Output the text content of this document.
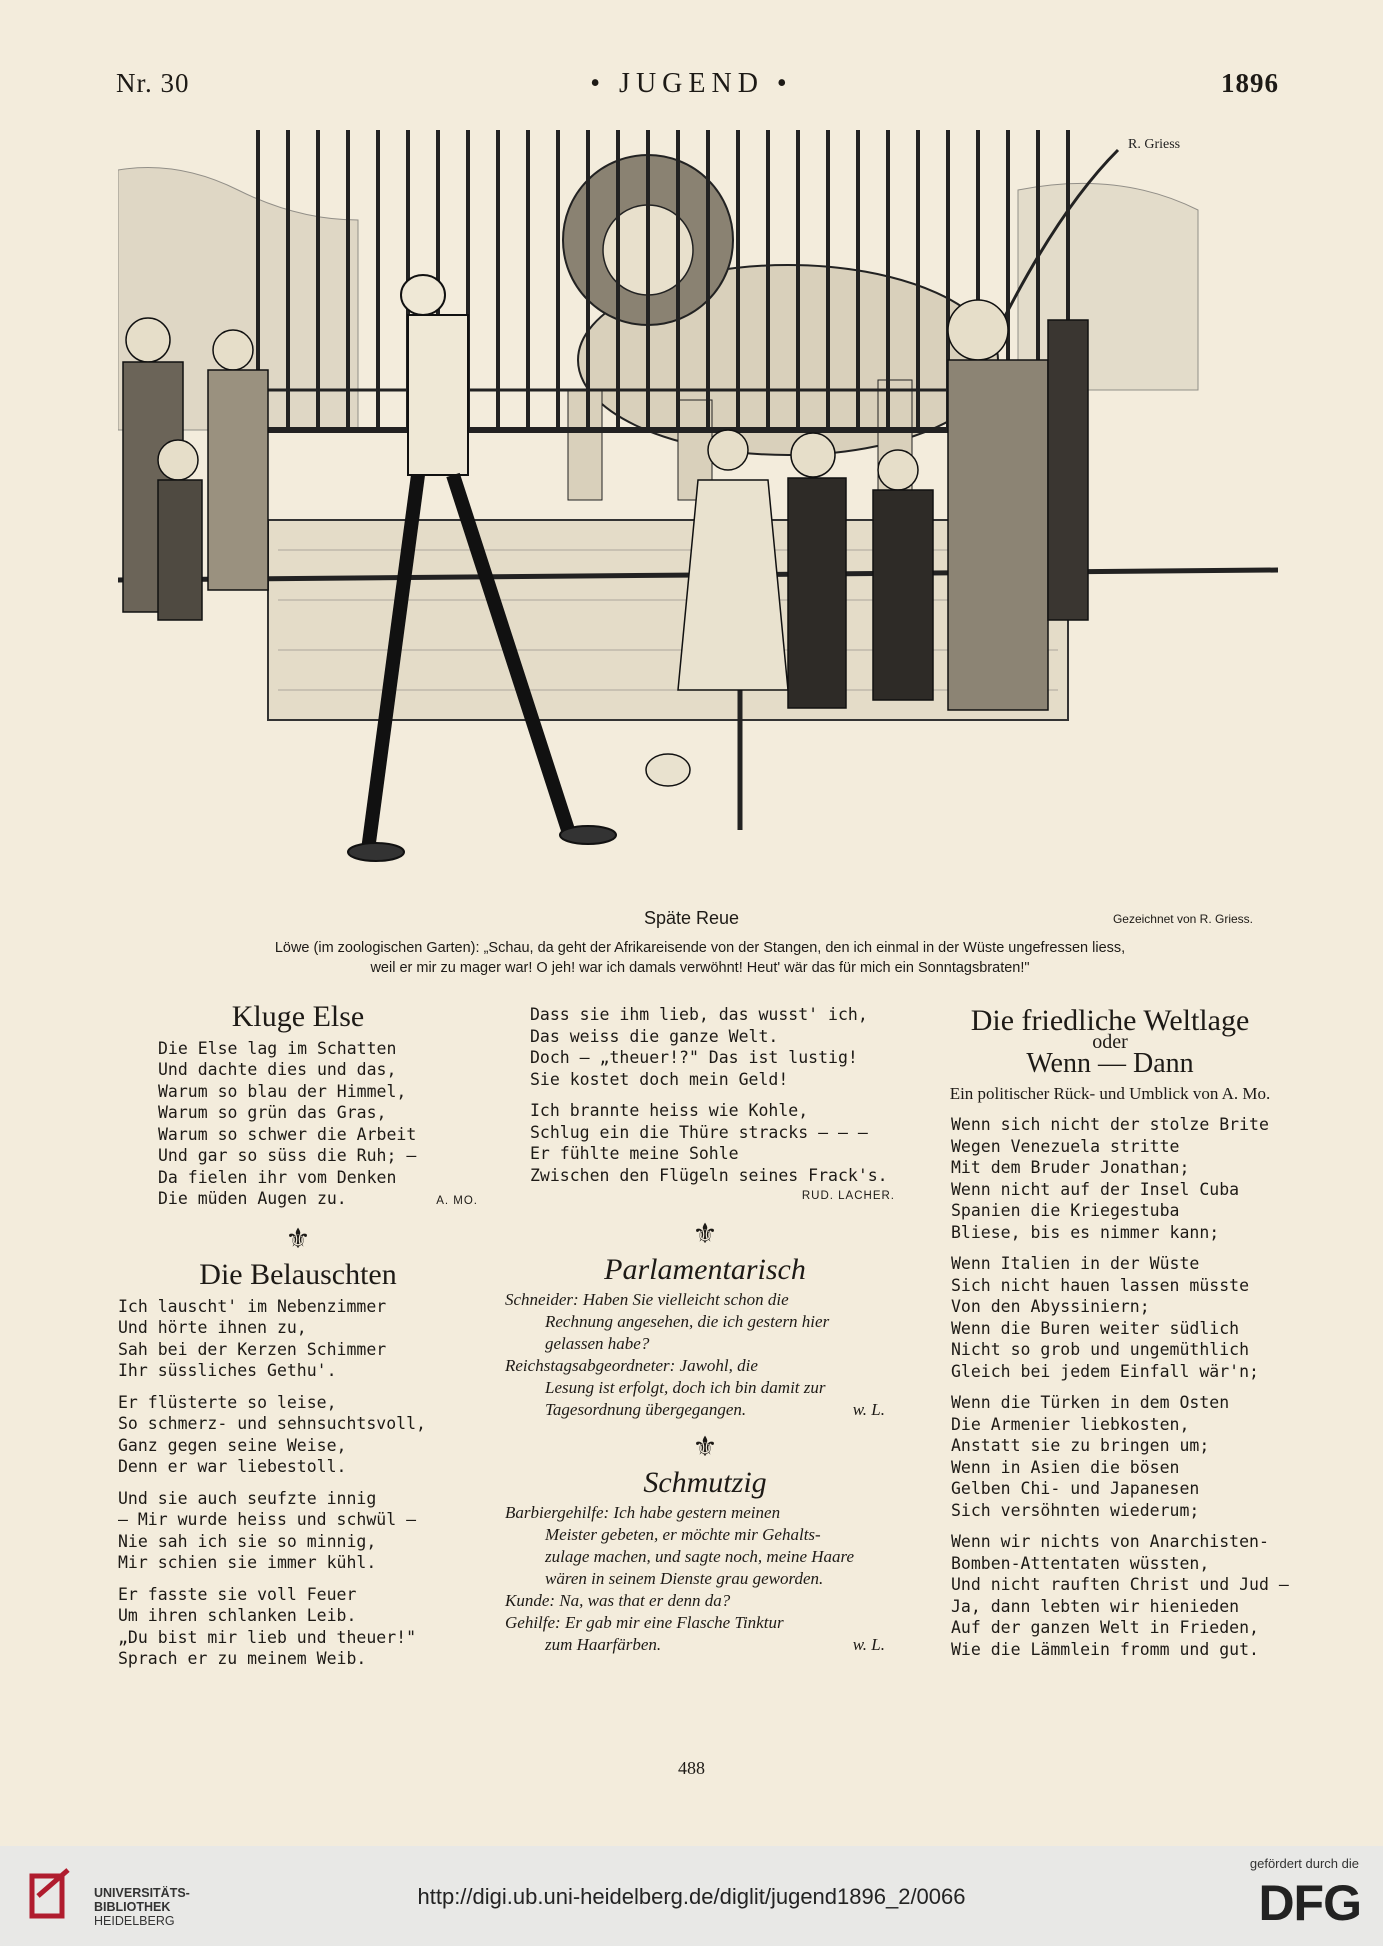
Nr. 30	• JUGEND •	1896
R. Griess
Späte Reue	Gezeichnet von R. Griess.
Löwe (im zoologischen Garten): „Schau, da geht der Afrikareisende von der Stangen, den ich einmal in der Wüste ungefressen liess,
weil er mir zu mager war! O jeh! war ich damals verwöhnt! Heut' wär das für mich ein Sonntagsbraten!"
Kluge Else
Die Else lag im Schatten
Und dachte dies und das,
Warum so blau der Himmel,
Warum so grün das Gras,
Warum so schwer die Arbeit
Und gar so süss die Ruh; —
Da fielen ihr vom Denken
Die müden Augen zu.	A. MO.
⚜
Die Belauschten
Ich lauscht' im Nebenzimmer
Und hörte ihnen zu,
Sah bei der Kerzen Schimmer
Ihr süssliches Gethu'.
Er flüsterte so leise,
So schmerz- und sehnsuchtsvoll,
Ganz gegen seine Weise,
Denn er war liebestoll.
Und sie auch seufzte innig
— Mir wurde heiss und schwül —
Nie sah ich sie so minnig,
Mir schien sie immer kühl.
Er fasste sie voll Feuer
Um ihren schlanken Leib.
„Du bist mir lieb und theuer!"
Sprach er zu meinem Weib.
Dass sie ihm lieb, das wusst' ich,
Das weiss die ganze Welt.
Doch — „theuer!?" Das ist lustig!
Sie kostet doch mein Geld!
Ich brannte heiss wie Kohle,
Schlug ein die Thüre stracks — — —
Er fühlte meine Sohle
Zwischen den Flügeln seines Frack's.
RUD. LACHER.
⚜
Parlamentarisch
Schneider: Haben Sie vielleicht schon die
Rechnung angesehen, die ich gestern hier
gelassen habe?
Reichstagsabgeordneter: Jawohl, die
Lesung ist erfolgt, doch ich bin damit zur
Tagesordnung übergegangen.	w. L.
⚜
Schmutzig
Barbiergehilfe: Ich habe gestern meinen
Meister gebeten, er möchte mir Gehalts-
zulage machen, und sagte noch, meine Haare
wären in seinem Dienste grau geworden.
Kunde: Na, was that er denn da?
Gehilfe: Er gab mir eine Flasche Tinktur
zum Haarfärben.	w. L.
Die friedliche Weltlage
oder
Wenn — Dann
Ein politischer Rück- und Umblick von A. Mo.
Wenn sich nicht der stolze Brite
Wegen Venezuela stritte
Mit dem Bruder Jonathan;
Wenn nicht auf der Insel Cuba
Spanien die Kriegestuba
Bliese, bis es nimmer kann;
Wenn Italien in der Wüste
Sich nicht hauen lassen müsste
Von den Abyssiniern;
Wenn die Buren weiter südlich
Nicht so grob und ungemüthlich
Gleich bei jedem Einfall wär'n;
Wenn die Türken in dem Osten
Die Armenier liebkosten,
Anstatt sie zu bringen um;
Wenn in Asien die bösen
Gelben Chi- und Japanesen
Sich versöhnten wiederum;
Wenn wir nichts von Anarchisten-
Bomben-Attentaten wüssten,
Und nicht rauften Christ und Jud —
Ja, dann lebten wir hienieden
Auf der ganzen Welt in Frieden,
Wie die Lämmlein fromm und gut.
488
UNIVERSITÄTS-
BIBLIOTHEK
HEIDELBERG
http://digi.ub.uni-heidelberg.de/diglit/jugend1896_2/0066
gefördert durch die
DFG
